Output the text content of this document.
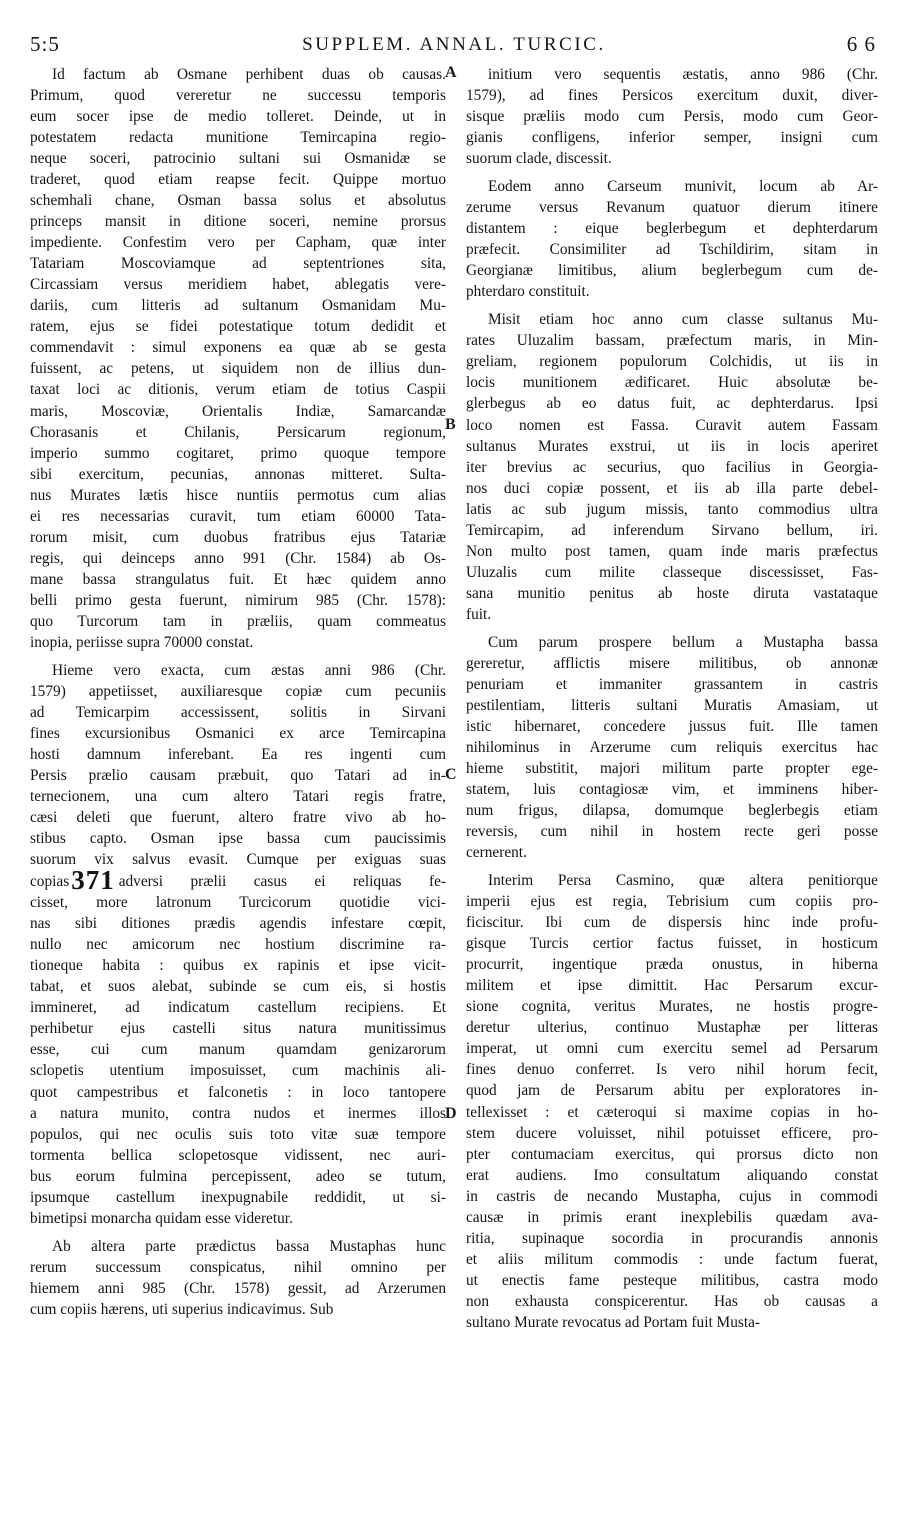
5:5	SUPPLEM. ANNAL. TURCIC.	6 6
Id factum ab Osmane perhibent duas ob causas.
Primum, quod vereretur ne successu temporis
eum socer ipse de medio tolleret. Deinde, ut in
potestatem redacta munitione Temircapina regio-
neque soceri, patrocinio sultani sui Osmanidæ se
traderet, quod etiam reapse fecit. Quippe mortuo
schemhali chane, Osman bassa solus et absolutus
princeps mansit in ditione soceri, nemine prorsus
impediente. Confestim vero per Capham, quæ inter
Tatariam Moscoviamque ad septentriones sita,
Circassiam versus meridiem habet, ablegatis vere-
dariis, cum litteris ad sultanum Osmanidam Mu-
ratem, ejus se fidei potestatique totum dedidit et
commendavit : simul exponens ea quæ ab se gesta
fuissent, ac petens, ut siquidem non de illius dun-
taxat loci ac ditionis, verum etiam de totius Caspii
maris, Moscoviæ, Orientalis Indiæ, Samarcandæ
Chorasanis et Chilanis, Persicarum regionum,
imperio summo cogitaret, primo quoque tempore
sibi exercitum, pecunias, annonas mitteret. Sulta-
nus Murates lætis hisce nuntiis permotus cum alias
ei res necessarias curavit, tum etiam 60000 Tata-
rorum misit, cum duobus fratribus ejus Tatariæ
regis, qui deinceps anno 991 (Chr. 1584) ab Os-
mane bassa strangulatus fuit. Et hæc quidem anno
belli primo gesta fuerunt, nimirum 985 (Chr. 1578):
quo Turcorum tam in præliis, quam commeatus
inopia, periisse supra 70000 constat.
Hieme vero exacta, cum æstas anni 986 (Chr.
1579) appetiisset, auxiliaresque copiæ cum pecuniis
ad Temicarpim accessissent, solitis in Sirvani
fines excursionibus Osmanici ex arce Temircapina
hosti damnum inferebant. Ea res ingenti cum
Persis prælio causam præbuit, quo Tatari ad in-
ternecionem, una cum altero Tatari regis fratre,
cæsi deleti que fuerunt, altero fratre vivo ab ho-
stibus capto. Osman ipse bassa cum paucissimis
suorum vix salvus evasit. Cumque per exiguas suas
copias371 adversi prælii casus ei reliquas fe-
cisset, more latronum Turcicorum quotidie vici-
nas sibi ditiones prædis agendis infestare cœpit,
nullo nec amicorum nec hostium discrimine ra-
tioneque habita : quibus ex rapinis et ipse vicit-
tabat, et suos alebat, subinde se cum eis, si hostis
immineret, ad indicatum castellum recipiens. Et
perhibetur ejus castelli situs natura munitissimus
esse, cui cum manum quamdam genizarorum
sclopetis utentium imposuisset, cum machinis ali-
quot campestribus et falconetis : in loco tantopere
a natura munito, contra nudos et inermes illos
populos, qui nec oculis suis toto vitæ suæ tempore
tormenta bellica sclopetosque vidissent, nec auri-
bus eorum fulmina percepissent, adeo se tutum,
ipsumque castellum inexpugnabile reddidit, ut si-
bimetipsi monarcha quidam esse videretur.
Ab altera parte prædictus bassa Mustaphas hunc
rerum successum conspicatus, nihil omnino per
hiemem anni 985 (Chr. 1578) gessit, ad Arzerumen
cum copiis hærens, uti superius indicavimus. Sub
initium vero sequentis æstatis, anno 986 (Chr.
1579), ad fines Persicos exercitum duxit, diver-
sisque præliis modo cum Persis, modo cum Geor-
gianis confligens, inferior semper, insigni cum
suorum clade, discessit.
Eodem anno Carseum munivit, locum ab Ar-
zerume versus Revanum quatuor dierum itinere
distantem : eique beglerbegum et dephterdarum
præfecit. Consimiliter ad Tschildirim, sitam in
Georgianæ limitibus, alium beglerbegum cum de-
phterdaro constituit.
Misit etiam hoc anno cum classe sultanus Mu-
rates Uluzalim bassam, præfectum maris, in Min-
greliam, regionem populorum Colchidis, ut iis in
locis munitionem ædificaret. Huic absolutæ be-
glerbegus ab eo datus fuit, ac dephterdarus. Ipsi
loco nomen est Fassa. Curavit autem Fassam
sultanus Murates exstrui, ut iis in locis aperiret
iter brevius ac securius, quo facilius in Georgia-
nos duci copiæ possent, et iis ab illa parte debel-
latis ac sub jugum missis, tanto commodius ultra
Temircapim, ad inferendum Sirvano bellum, iri.
Non multo post tamen, quam inde maris præfectus
Uluzalis cum milite classeque discessisset, Fas-
sana munitio penitus ab hoste diruta vastataque
fuit.
Cum parum prospere bellum a Mustapha bassa
gereretur, afflictis misere militibus, ob annonæ
penuriam et immaniter grassantem in castris
pestilentiam, litteris sultani Muratis Amasiam, ut
istic hibernaret, concedere jussus fuit. Ille tamen
nihilominus in Arzerume cum reliquis exercitus hac
hieme substitit, majori militum parte propter ege-
statem, luis contagiosæ vim, et imminens hiber-
num frigus, dilapsa, domumque beglerbegis etiam
reversis, cum nihil in hostem recte geri posse
cernerent.
Interim Persa Casmino, quæ altera penitiorque
imperii ejus est regia, Tebrisium cum copiis pro-
ficiscitur. Ibi cum de dispersis hinc inde profu-
gisque Turcis certior factus fuisset, in hosticum
procurrit, ingentique præda onustus, in hiberna
militem et ipse dimittit. Hac Persarum excur-
sione cognita, veritus Murates, ne hostis progre-
deretur ulterius, continuo Mustaphæ per litteras
imperat, ut omni cum exercitu semel ad Persarum
fines denuo conferret. Is vero nihil horum fecit,
quod jam de Persarum abitu per exploratores in-
tellexisset : et cæteroqui si maxime copias in ho-
stem ducere voluisset, nihil potuisset efficere, pro-
pter contumaciam exercitus, qui prorsus dicto non
erat audiens. Imo consultatum aliquando constat
in castris de necando Mustapha, cujus in commodi
causæ in primis erant inexplebilis quædam ava-
ritia, supinaque socordia in procurandis annonis
et aliis militum commodis : unde factum fuerat,
ut enectis fame pesteque militibus, castra modo
non exhausta conspicerentur. Has ob causas a
sultano Murate revocatus ad Portam fuit Musta-
A
B
C
D
